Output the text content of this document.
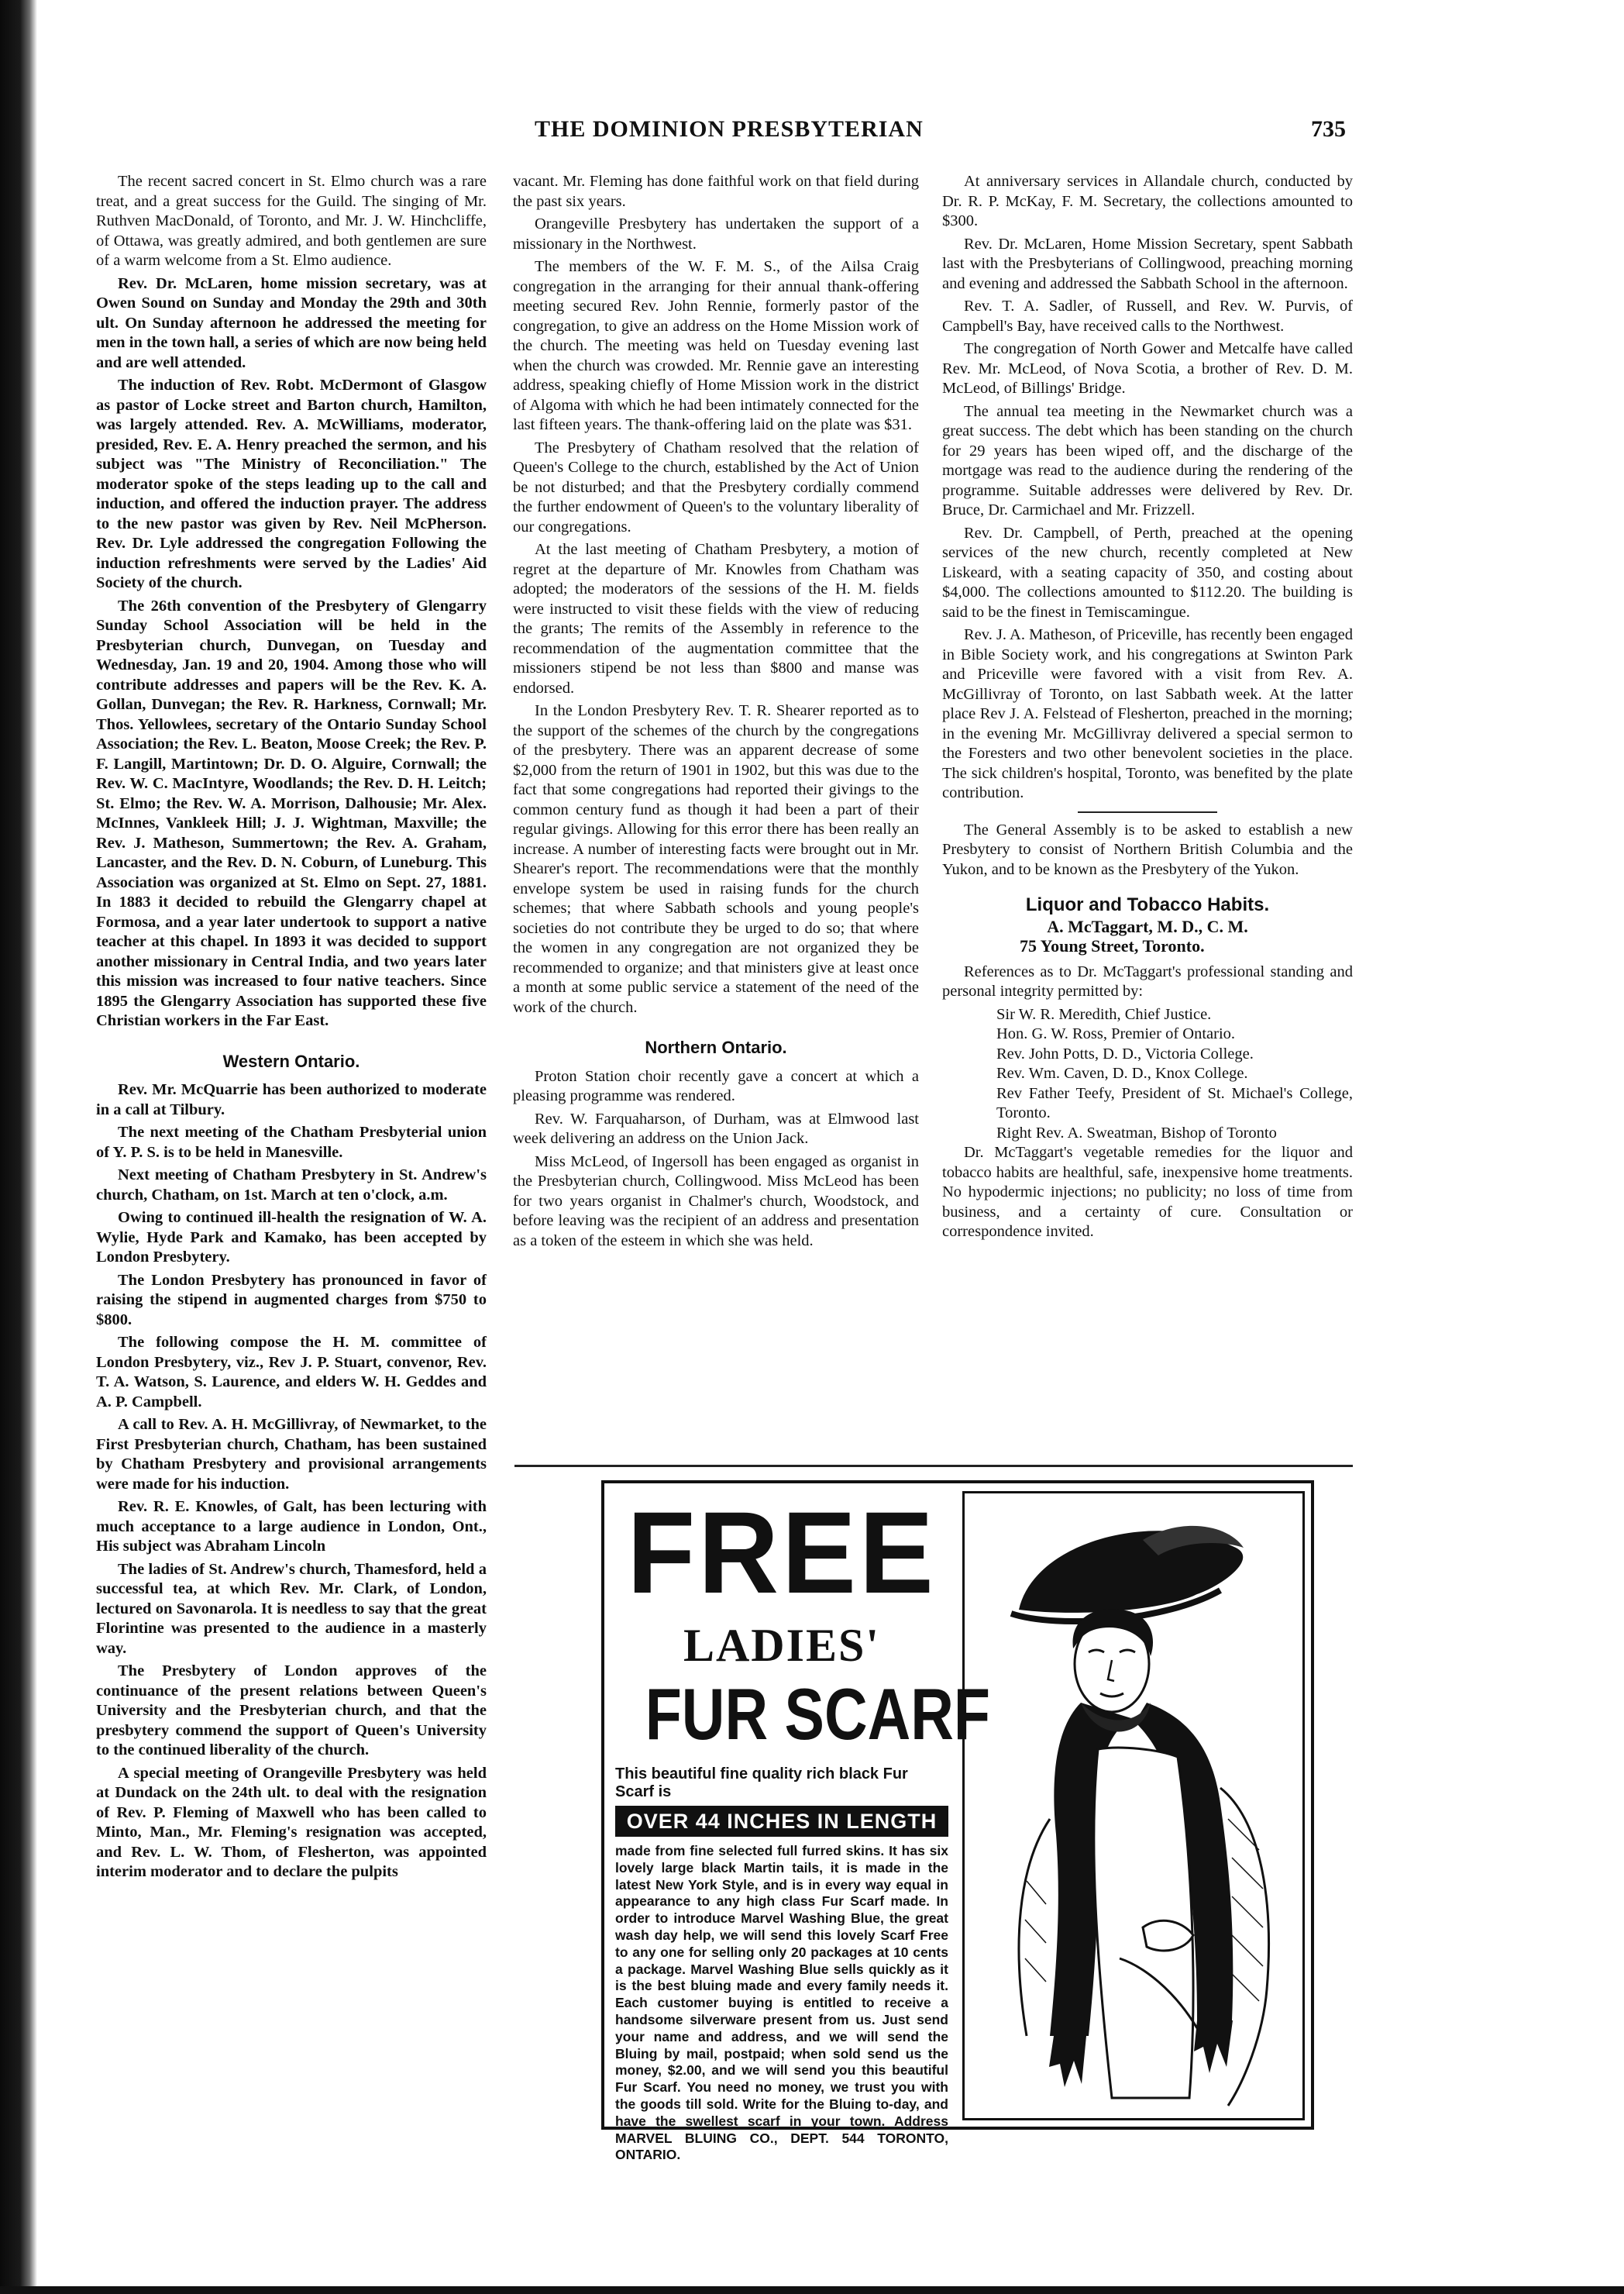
THE DOMINION PRESBYTERIAN	735

The recent sacred concert in St. Elmo church was a rare treat, and a great success for the Guild. The singing of Mr. Ruthven MacDonald, of Toronto, and Mr. J. W. Hinchcliffe, of Ottawa, was greatly admired, and both gentlemen are sure of a warm welcome from a St. Elmo audience.

Rev. Dr. McLaren, home mission secretary, was at Owen Sound on Sunday and Monday the 29th and 30th ult. On Sunday afternoon he addressed the meeting for men in the town hall, a series of which are now being held and are well attended.

The induction of Rev. Robt. McDermont of Glasgow as pastor of Locke street and Barton church, Hamilton, was largely attended. Rev. A. McWilliams, moderator, presided, Rev. E. A. Henry preached the sermon, and his subject was "The Ministry of Reconciliation." The moderator spoke of the steps leading up to the call and induction, and offered the induction prayer. The address to the new pastor was given by Rev. Neil McPherson. Rev. Dr. Lyle addressed the congregation Following the induction refreshments were served by the Ladies' Aid Society of the church.

The 26th convention of the Presbytery of Glengarry Sunday School Association will be held in the Presbyterian church, Dunvegan, on Tuesday and Wednesday, Jan. 19 and 20, 1904. Among those who will contribute addresses and papers will be the Rev. K. A. Gollan, Dunvegan; the Rev. R. Harkness, Cornwall; Mr. Thos. Yellowlees, secretary of the Ontario Sunday School Association; the Rev. L. Beaton, Moose Creek; the Rev. P. F. Langill, Martintown; Dr. D. O. Alguire, Cornwall; the Rev. W. C. MacIntyre, Woodlands; the Rev. D. H. Leitch; St. Elmo; the Rev. W. A. Morrison, Dalhousie; Mr. Alex. McInnes, Vankleek Hill; J. J. Wightman, Maxville; the Rev. J. Matheson, Summertown; the Rev. A. Graham, Lancaster, and the Rev. D. N. Coburn, of Luneburg. This Association was organized at St. Elmo on Sept. 27, 1881. In 1883 it decided to rebuild the Glengarry chapel at Formosa, and a year later undertook to support a native teacher at this chapel. In 1893 it was decided to support another missionary in Central India, and two years later this mission was increased to four native teachers. Since 1895 the Glengarry Association has supported these five Christian workers in the Far East.

Western Ontario.

Rev. Mr. McQuarrie has been authorized to moderate in a call at Tilbury.

The next meeting of the Chatham Presbyterial union of Y. P. S. is to be held in Manesville.

Next meeting of Chatham Presbytery in St. Andrew's church, Chatham, on 1st. March at ten o'clock, a.m.

Owing to continued ill-health the resignation of W. A. Wylie, Hyde Park and Kamako, has been accepted by London Presbytery.

The London Presbytery has pronounced in favor of raising the stipend in augmented charges from $750 to $800.

The following compose the H. M. committee of London Presbytery, viz., Rev J. P. Stuart, convenor, Rev. T. A. Watson, S. Laurence, and elders W. H. Geddes and A. P. Campbell.

A call to Rev. A. H. McGillivray, of Newmarket, to the First Presbyterian church, Chatham, has been sustained by Chatham Presbytery and provisional arrangements were made for his induction.

Rev. R. E. Knowles, of Galt, has been lecturing with much acceptance to a large audience in London, Ont., His subject was Abraham Lincoln

The ladies of St. Andrew's church, Thamesford, held a successful tea, at which Rev. Mr. Clark, of London, lectured on Savonarola. It is needless to say that the great Florintine was presented to the audience in a masterly way.

The Presbytery of London approves of the continuance of the present relations between Queen's University and the Presbyterian church, and that the presbytery commend the support of Queen's University to the continued liberality of the church.

A special meeting of Orangeville Presbytery was held at Dundack on the 24th ult. to deal with the resignation of Rev. P. Fleming of Maxwell who has been called to Minto, Man., Mr. Fleming's resignation was accepted, and Rev. L. W. Thom, of Flesherton, was appointed interim moderator and to declare the pulpits

vacant. Mr. Fleming has done faithful work on that field during the past six years.

Orangeville Presbytery has undertaken the support of a missionary in the Northwest.

The members of the W. F. M. S., of the Ailsa Craig congregation in the arranging for their annual thank-offering meeting secured Rev. John Rennie, formerly pastor of the congregation, to give an address on the Home Mission work of the church. The meeting was held on Tuesday evening last when the church was crowded. Mr. Rennie gave an interesting address, speaking chiefly of Home Mission work in the district of Algoma with which he had been intimately connected for the last fifteen years. The thank-offering laid on the plate was $31.

The Presbytery of Chatham resolved that the relation of Queen's College to the church, established by the Act of Union be not disturbed; and that the Presbytery cordially commend the further endowment of Queen's to the voluntary liberality of our congregations.

At the last meeting of Chatham Presbytery, a motion of regret at the departure of Mr. Knowles from Chatham was adopted; the moderators of the sessions of the H. M. fields were instructed to visit these fields with the view of reducing the grants; The remits of the Assembly in reference to the recommendation of the augmentation committee that the missioners stipend be not less than $800 and manse was endorsed.

In the London Presbytery Rev. T. R. Shearer reported as to the support of the schemes of the church by the congregations of the presbytery. There was an apparent decrease of some $2,000 from the return of 1901 in 1902, but this was due to the fact that some congregations had reported their givings to the common century fund as though it had been a part of their regular givings. Allowing for this error there has been really an increase. A number of interesting facts were brought out in Mr. Shearer's report. The recommendations were that the monthly envelope system be used in raising funds for the church schemes; that where Sabbath schools and young people's societies do not contribute they be urged to do so; that where the women in any congregation are not organized they be recommended to organize; and that ministers give at least once a month at some public service a statement of the need of the work of the church.

Northern Ontario.

Proton Station choir recently gave a concert at which a pleasing programme was rendered.

Rev. W. Farquaharson, of Durham, was at Elmwood last week delivering an address on the Union Jack.

Miss McLeod, of Ingersoll has been engaged as organist in the Presbyterian church, Collingwood. Miss McLeod has been for two years organist in Chalmer's church, Woodstock, and before leaving was the recipient of an address and presentation as a token of the esteem in which she was held.

At anniversary services in Allandale church, conducted by Dr. R. P. McKay, F. M. Secretary, the collections amounted to $300.

Rev. Dr. McLaren, Home Mission Secretary, spent Sabbath last with the Presbyterians of Collingwood, preaching morning and evening and addressed the Sabbath School in the afternoon.

Rev. T. A. Sadler, of Russell, and Rev. W. Purvis, of Campbell's Bay, have received calls to the Northwest.

The congregation of North Gower and Metcalfe have called Rev. Mr. McLeod, of Nova Scotia, a brother of Rev. D. M. McLeod, of Billings' Bridge.

The annual tea meeting in the Newmarket church was a great success. The debt which has been standing on the church for 29 years has been wiped off, and the discharge of the mortgage was read to the audience during the rendering of the programme. Suitable addresses were delivered by Rev. Dr. Bruce, Dr. Carmichael and Mr. Frizzell.

Rev. Dr. Campbell, of Perth, preached at the opening services of the new church, recently completed at New Liskeard, with a seating capacity of 350, and costing about $4,000. The collections amounted to $112.20. The building is said to be the finest in Temiscamingue.

Rev. J. A. Matheson, of Priceville, has recently been engaged in Bible Society work, and his congregations at Swinton Park and Priceville were favored with a visit from Rev. A. McGillivray of Toronto, on last Sabbath week. At the latter place Rev J. A. Felstead of Flesherton, preached in the morning; in the evening Mr. McGillivray delivered a special sermon to the Foresters and two other benevolent societies in the place. The sick children's hospital, Toronto, was benefited by the plate contribution.

The General Assembly is to be asked to establish a new Presbytery to consist of Northern British Columbia and the Yukon, and to be known as the Presbytery of the Yukon.

Liquor and Tobacco Habits.
A. McTaggart, M. D., C. M.
75 Young Street, Toronto.

References as to Dr. McTaggart's professional standing and personal integrity permitted by:

Sir W. R. Meredith, Chief Justice.
Hon. G. W. Ross, Premier of Ontario.
Rev. John Potts, D. D., Victoria College.
Rev. Wm. Caven, D. D., Knox College.
Rev Father Teefy, President of St. Michael's College, Toronto.
Right Rev. A. Sweatman, Bishop of Toronto

Dr. McTaggart's vegetable remedies for the liquor and tobacco habits are healthful, safe, inexpensive home treatments. No hypodermic injections; no publicity; no loss of time from business, and a certainty of cure. Consultation or correspondence invited.

FREE
LADIES'
FUR SCARF
This beautiful fine quality rich black Fur Scarf is
OVER 44 INCHES IN LENGTH

made from fine selected full furred skins. It has six lovely large black Martin tails, it is made in the latest New York Style, and is in every way equal in appearance to any high class Fur Scarf made. In order to introduce Marvel Washing Blue, the great wash day help, we will send this lovely Scarf Free to any one for selling only 20 packages at 10 cents a package. Marvel Washing Blue sells quickly as it is the best bluing made and every family needs it. Each customer buying is entitled to receive a handsome silverware present from us. Just send your name and address, and we will send the Bluing by mail, postpaid; when sold send us the money, $2.00, and we will send you this beautiful Fur Scarf. You need no money, we trust you with the goods till sold. Write for the Bluing to-day, and have the swellest scarf in your town. Address MARVEL BLUING CO., DEPT. 544 TORONTO, ONTARIO.
